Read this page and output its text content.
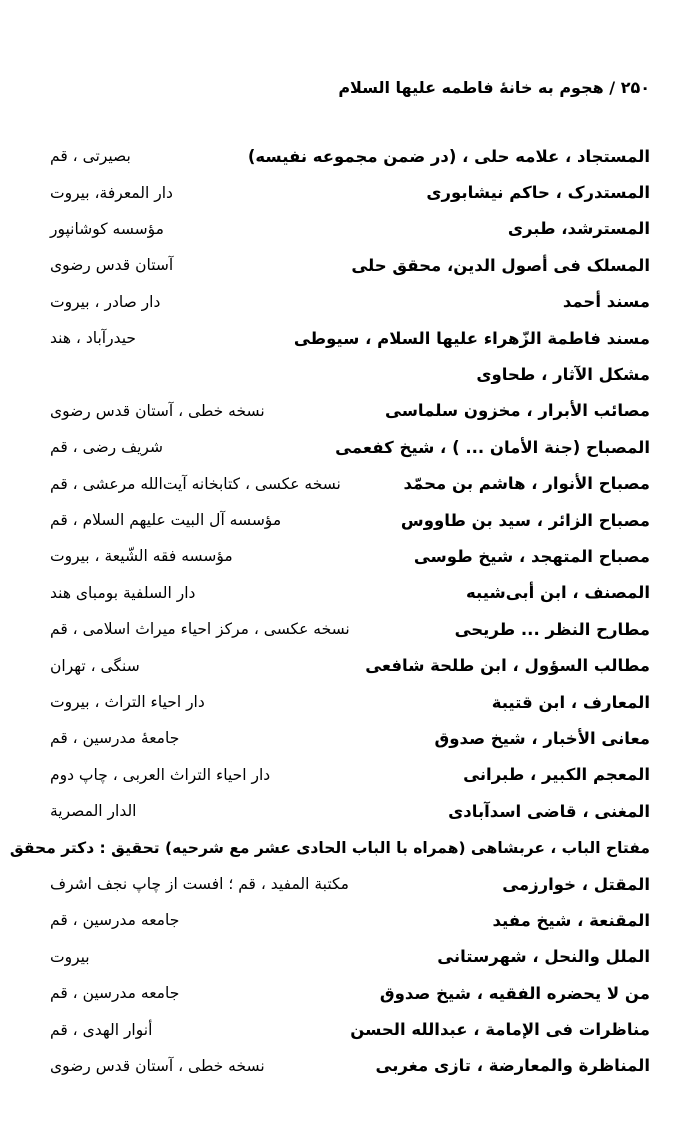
۲۵۰ / هجوم به خانهٔ فاطمه عليها السلام
المستجاد ، علامه حلی ، (در ضمن مجموعه نفیسه)
بصیرتی ، قم
المستدرک ، حاکم نیشابوری
دار المعرفة، بیروت
المسترشد، طبری
مؤسسه کوشانپور
المسلک فی أصول الدین، محقق حلی
آستان قدس رضوی
مسند أحمد
دار صادر ، بیروت
مسند فاطمة الزّهراء عليها السلام ، سیوطی
حیدرآباد ، هند
مشکل الآثار ، طحاوی
مصائب الأبرار ، مخزون سلماسی
نسخه خطی ، آستان قدس رضوی
المصباح (جنة الأمان ... ) ، شیخ کفعمی
شریف رضی ، قم
مصباح الأنوار ، هاشم بن محمّد
نسخه عکسی ، کتابخانه آیت‌الله مرعشی ، قم
مصباح الزائر ، سید بن طاووس
مؤسسه آل البیت عليهم السلام ، قم
مصباح المتهجد ، شیخ طوسی
مؤسسه فقه الشّیعة ، بیروت
المصنف ، ابن أبی‌شیبه
دار السلفیة بومبای هند
مطارح النظر ... طریحی
نسخه عکسی ، مرکز احیاء میراث اسلامی ، قم
مطالب السؤول ، ابن طلحة شافعی
سنگی ، تهران
المعارف ، ابن قتیبة
دار احیاء التراث ، بیروت
معانی الأخبار ، شیخ صدوق
جامعهٔ مدرسین ، قم
المعجم الکبیر ، طبرانی
دار احیاء التراث العربی ، چاپ دوم
المغنی ، قاضی اسدآبادی
الدار المصریة
مفتاح الباب ، عربشاهی (همراه با الباب الحادی عشر مع شرحیه) تحقیق : دکتر محقق
المقتل ، خوارزمی
مکتبة المفید ، قم ؛ افست از چاپ نجف اشرف
المقنعة ، شیخ مفید
جامعه مدرسین ، قم
الملل والنحل ، شهرستانی
بیروت
من لا یحضره الفقیه ، شیخ صدوق
جامعه مدرسین ، قم
مناظرات فی الإمامة ، عبدالله الحسن
أنوار الهدی ، قم
المناظرة والمعارضة ، تازی مغربی
نسخه خطی ، آستان قدس رضوی
